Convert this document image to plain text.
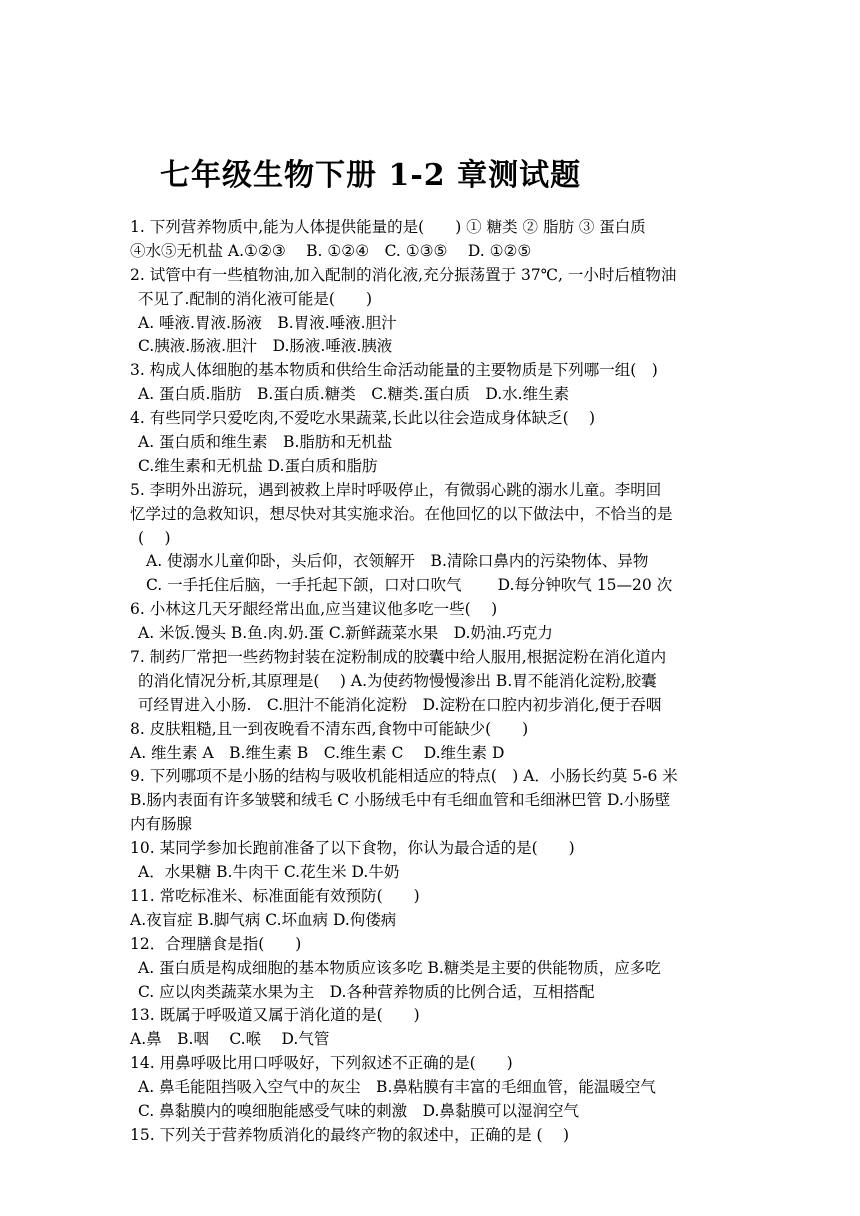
七年级生物下册 1-2 章测试题
1. 下列营养物质中,能为人体提供能量的是(　　) ① 糖类 ② 脂肪 ③ 蛋白质
④水⑤无机盐 A.①②③　 B. ①②④　C. ①③⑤　 D. ①②⑤
2. 试管中有一些植物油,加入配制的消化液,充分振荡置于 37℃, 一小时后植物油
不见了.配制的消化液可能是(　　)
A. 唾液.胃液.肠液　B.胃液.唾液.胆汁
C.胰液.肠液.胆汁　D.肠液.唾液.胰液
3. 构成人体细胞的基本物质和供给生命活动能量的主要物质是下列哪一组(　)
A. 蛋白质.脂肪　B.蛋白质.糖类　C.糖类.蛋白质　D.水.维生素
4. 有些同学只爱吃肉,不爱吃水果蔬菜,长此以往会造成身体缺乏(　 )
A. 蛋白质和维生素　B.脂肪和无机盐
C.维生素和无机盐 D.蛋白质和脂肪
5. 李明外出游玩，遇到被救上岸时呼吸停止，有微弱心跳的溺水儿童。李明回
忆学过的急救知识，想尽快对其实施求治。在他回忆的以下做法中，不恰当的是
(　 )
A. 使溺水儿童仰卧，头后仰，衣领解开　B.清除口鼻内的污染物体、异物
C. 一手托住后脑，一手托起下颌，口对口吹气　　 D.每分钟吹气 15—20 次
6. 小林这几天牙龈经常出血,应当建议他多吃一些(　 )
A. 米饭.馒头 B.鱼.肉.奶.蛋 C.新鲜蔬菜水果　D.奶油.巧克力
7. 制药厂常把一些药物封装在淀粉制成的胶囊中给人服用,根据淀粉在消化道内
的消化情况分析,其原理是(　 ) A.为使药物慢慢渗出 B.胃不能消化淀粉,胶囊
可经胃进入小肠.　C.胆汁不能消化淀粉　D.淀粉在口腔内初步消化,便于吞咽
8. 皮肤粗糙,且一到夜晚看不清东西,食物中可能缺少(　　)
A. 维生素 A　B.维生素 B　C.维生素 C　 D.维生素 D
9. 下列哪项不是小肠的结构与吸收机能相适应的特点(　) A．小肠长约莫 5-6 米
B.肠内表面有许多皱襞和绒毛 C 小肠绒毛中有毛细血管和毛细淋巴管 D.小肠壁
内有肠腺
10. 某同学参加长跑前准备了以下食物，你认为最合适的是(　　)
A．水果糖 B.牛肉干 C.花生米 D.牛奶
11. 常吃标准米、标准面能有效预防(　　)
A.夜盲症 B.脚气病 C.坏血病 D.佝偻病
12．合理膳食是指(　　)
A. 蛋白质是构成细胞的基本物质应该多吃 B.糖类是主要的供能物质，应多吃
C. 应以肉类蔬菜水果为主　D.各种营养物质的比例合适，互相搭配
13. 既属于呼吸道又属于消化道的是(　　)
A.鼻　B.咽　 C.喉　 D.气管
14. 用鼻呼吸比用口呼吸好，下列叙述不正确的是(　　)
A. 鼻毛能阻挡吸入空气中的灰尘　B.鼻粘膜有丰富的毛细血管，能温暖空气
C. 鼻黏膜内的嗅细胞能感受气味的刺激　D.鼻黏膜可以湿润空气
15. 下列关于营养物质消化的最终产物的叙述中，正确的是 (　 )
